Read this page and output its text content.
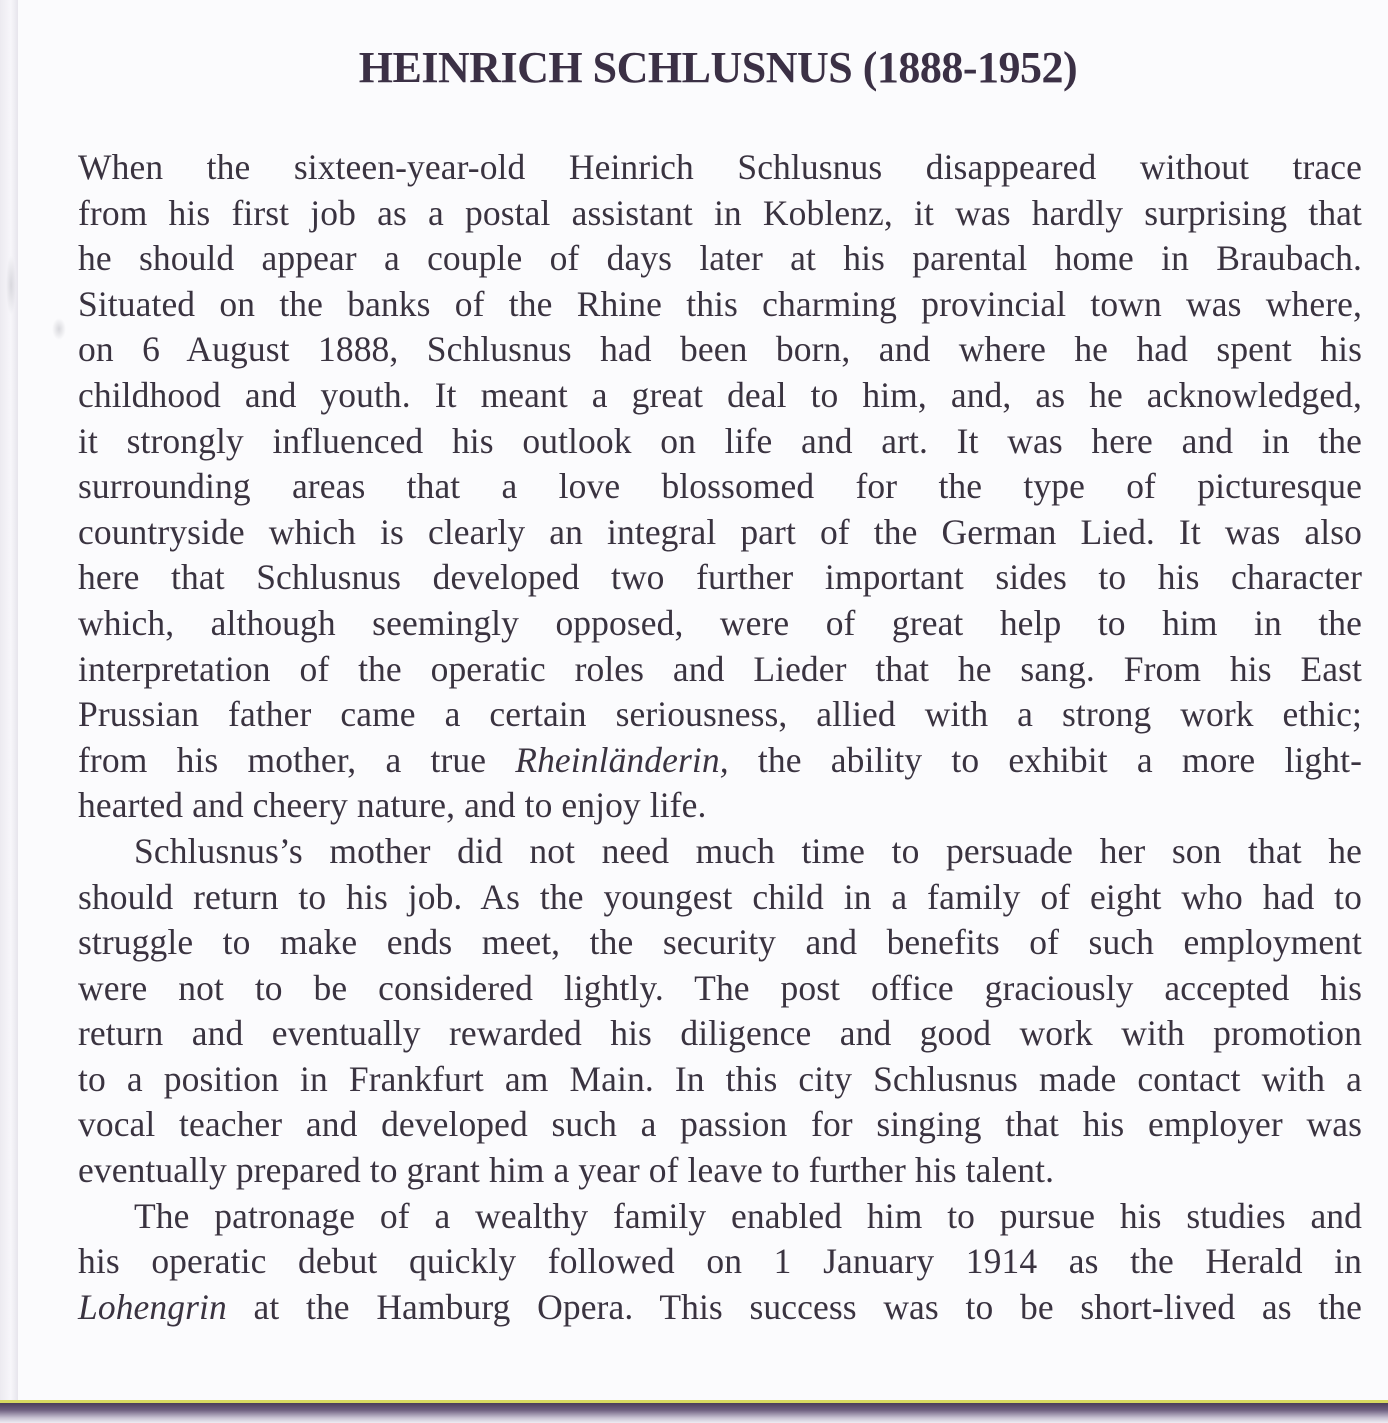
HEINRICH SCHLUSNUS (1888-1952)
When the sixteen-year-old Heinrich Schlusnus disappeared without trace
from his first job as a postal assistant in Koblenz, it was hardly surprising that
he should appear a couple of days later at his parental home in Braubach.
Situated on the banks of the Rhine this charming provincial town was where,
on 6 August 1888, Schlusnus had been born, and where he had spent his
childhood and youth. It meant a great deal to him, and, as he acknowledged,
it strongly influenced his outlook on life and art. It was here and in the
surrounding areas that a love blossomed for the type of picturesque
countryside which is clearly an integral part of the German Lied. It was also
here that Schlusnus developed two further important sides to his character
which, although seemingly opposed, were of great help to him in the
interpretation of the operatic roles and Lieder that he sang. From his East
Prussian father came a certain seriousness, allied with a strong work ethic;
from his mother, a true Rheinländerin, the ability to exhibit a more light-
hearted and cheery nature, and to enjoy life.
Schlusnus’s mother did not need much time to persuade her son that he
should return to his job. As the youngest child in a family of eight who had to
struggle to make ends meet, the security and benefits of such employment
were not to be considered lightly. The post office graciously accepted his
return and eventually rewarded his diligence and good work with promotion
to a position in Frankfurt am Main. In this city Schlusnus made contact with a
vocal teacher and developed such a passion for singing that his employer was
eventually prepared to grant him a year of leave to further his talent.
The patronage of a wealthy family enabled him to pursue his studies and
his operatic debut quickly followed on 1 January 1914 as the Herald in
Lohengrin at the Hamburg Opera. This success was to be short-lived as the
